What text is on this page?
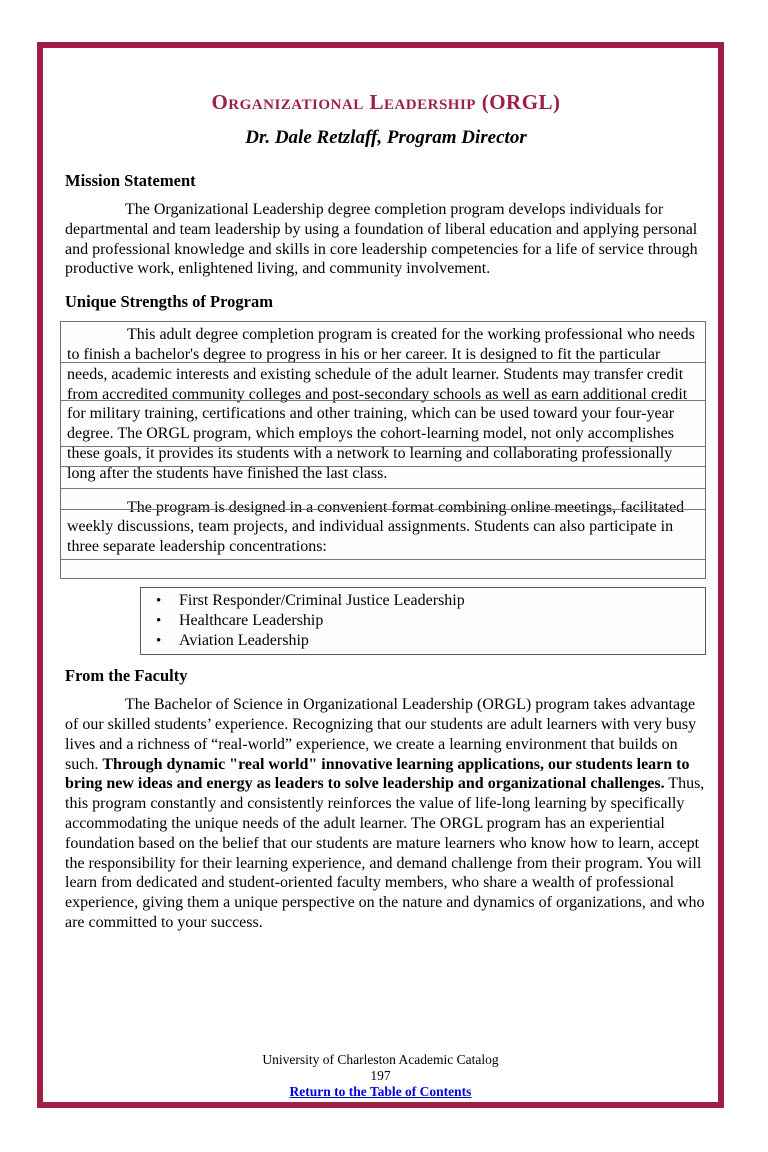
Organizational Leadership (ORGL)
Dr. Dale Retzlaff, Program Director
Mission Statement
The Organizational Leadership degree completion program develops individuals for departmental and team leadership by using a foundation of liberal education and applying personal and professional knowledge and skills in core leadership competencies for a life of service through productive work, enlightened living, and community involvement.
Unique Strengths of Program
This adult degree completion program is created for the working professional who needs to finish a bachelor's degree to progress in his or her career. It is designed to fit the particular needs, academic interests and existing schedule of the adult learner. Students may transfer credit from accredited community colleges and post-secondary schools as well as earn additional credit for military training, certifications and other training, which can be used toward your four-year degree. The ORGL program, which employs the cohort-learning model, not only accomplishes these goals, it provides its students with a network to learning and collaborating professionally long after the students have finished the last class.
The program is designed in a convenient format combining online meetings, facilitated weekly discussions, team projects, and individual assignments. Students can also participate in three separate leadership concentrations:
• First Responder/Criminal Justice Leadership
• Healthcare Leadership
• Aviation Leadership
From the Faculty
The Bachelor of Science in Organizational Leadership (ORGL) program takes advantage of our skilled students’ experience. Recognizing that our students are adult learners with very busy lives and a richness of “real-world” experience, we create a learning environment that builds on such. Through dynamic "real world" innovative learning applications, our students learn to bring new ideas and energy as leaders to solve leadership and organizational challenges. Thus, this program constantly and consistently reinforces the value of life-long learning by specifically accommodating the unique needs of the adult learner. The ORGL program has an experiential foundation based on the belief that our students are mature learners who know how to learn, accept the responsibility for their learning experience, and demand challenge from their program. You will learn from dedicated and student-oriented faculty members, who share a wealth of professional experience, giving them a unique perspective on the nature and dynamics of organizations, and who are committed to your success.
University of Charleston Academic Catalog
197
Return to the Table of Contents
